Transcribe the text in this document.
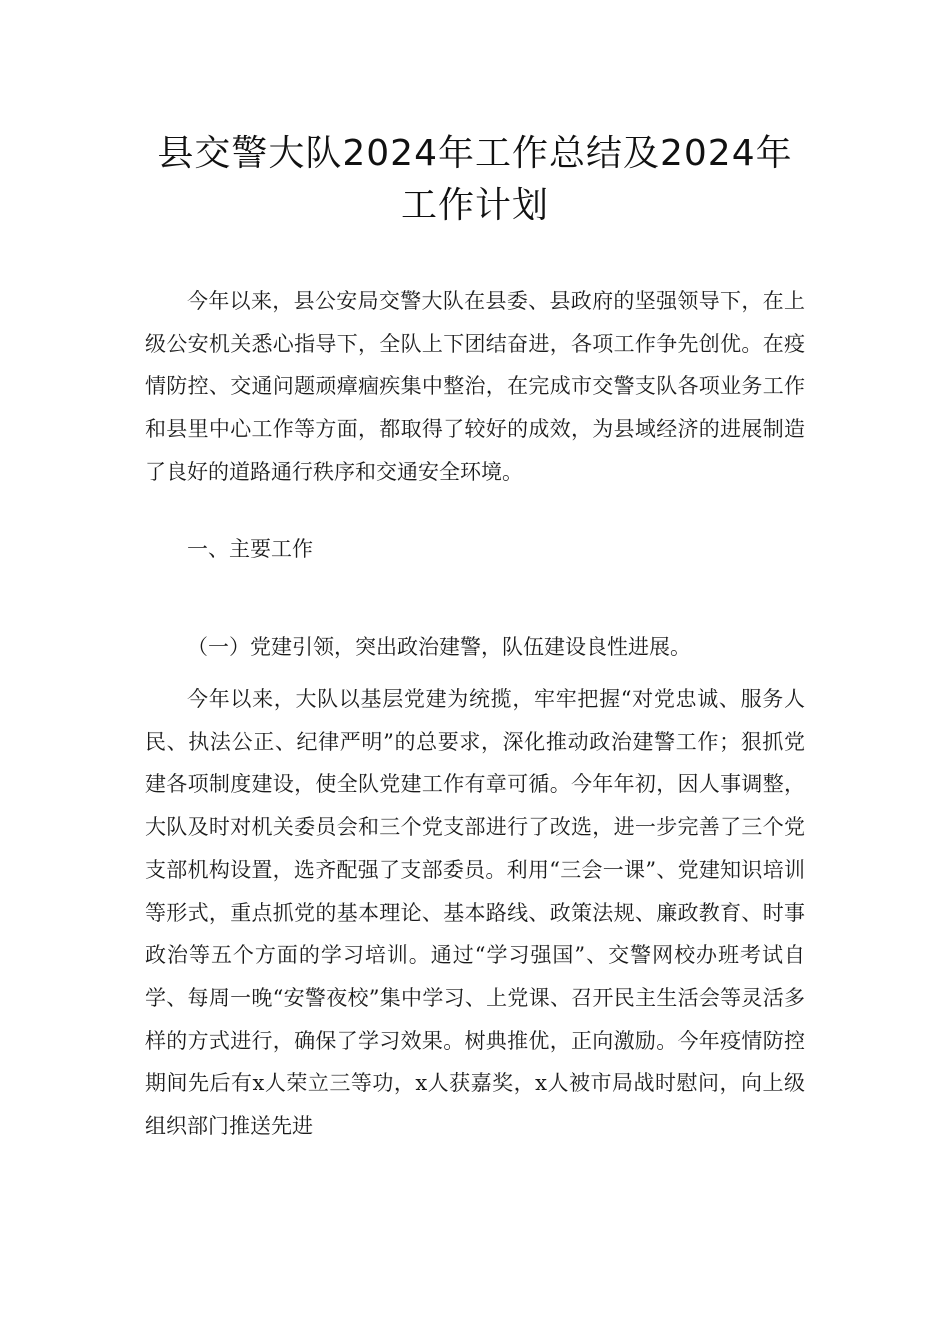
县交警大队2024年工作总结及2024年
工作计划

今年以来，县公安局交警大队在县委、县政府的坚强领导下，在上级公安机关悉心指导下，全队上下团结奋进，各项工作争先创优。在疫情防控、交通问题顽瘴痼疾集中整治，在完成市交警支队各项业务工作和县里中心工作等方面，都取得了较好的成效，为县域经济的进展制造了良好的道路通行秩序和交通安全环境。

一、主要工作

（一）党建引领，突出政治建警，队伍建设良性进展。

今年以来，大队以基层党建为统揽，牢牢把握“对党忠诚、服务人民、执法公正、纪律严明”的总要求，深化推动政治建警工作；狠抓党建各项制度建设，使全队党建工作有章可循。今年年初，因人事调整，大队及时对机关委员会和三个党支部进行了改选，进一步完善了三个党支部机构设置，选齐配强了支部委员。利用“三会一课”、党建知识培训等形式，重点抓党的基本理论、基本路线、政策法规、廉政教育、时事政治等五个方面的学习培训。通过“学习强国”、交警网校办班考试自学、每周一晚“安警夜校”集中学习、上党课、召开民主生活会等灵活多样的方式进行，确保了学习效果。树典推优，正向激励。今年疫情防控期间先后有x人荣立三等功，x人获嘉奖，x人被市局战时慰问，向上级组织部门推送先进
